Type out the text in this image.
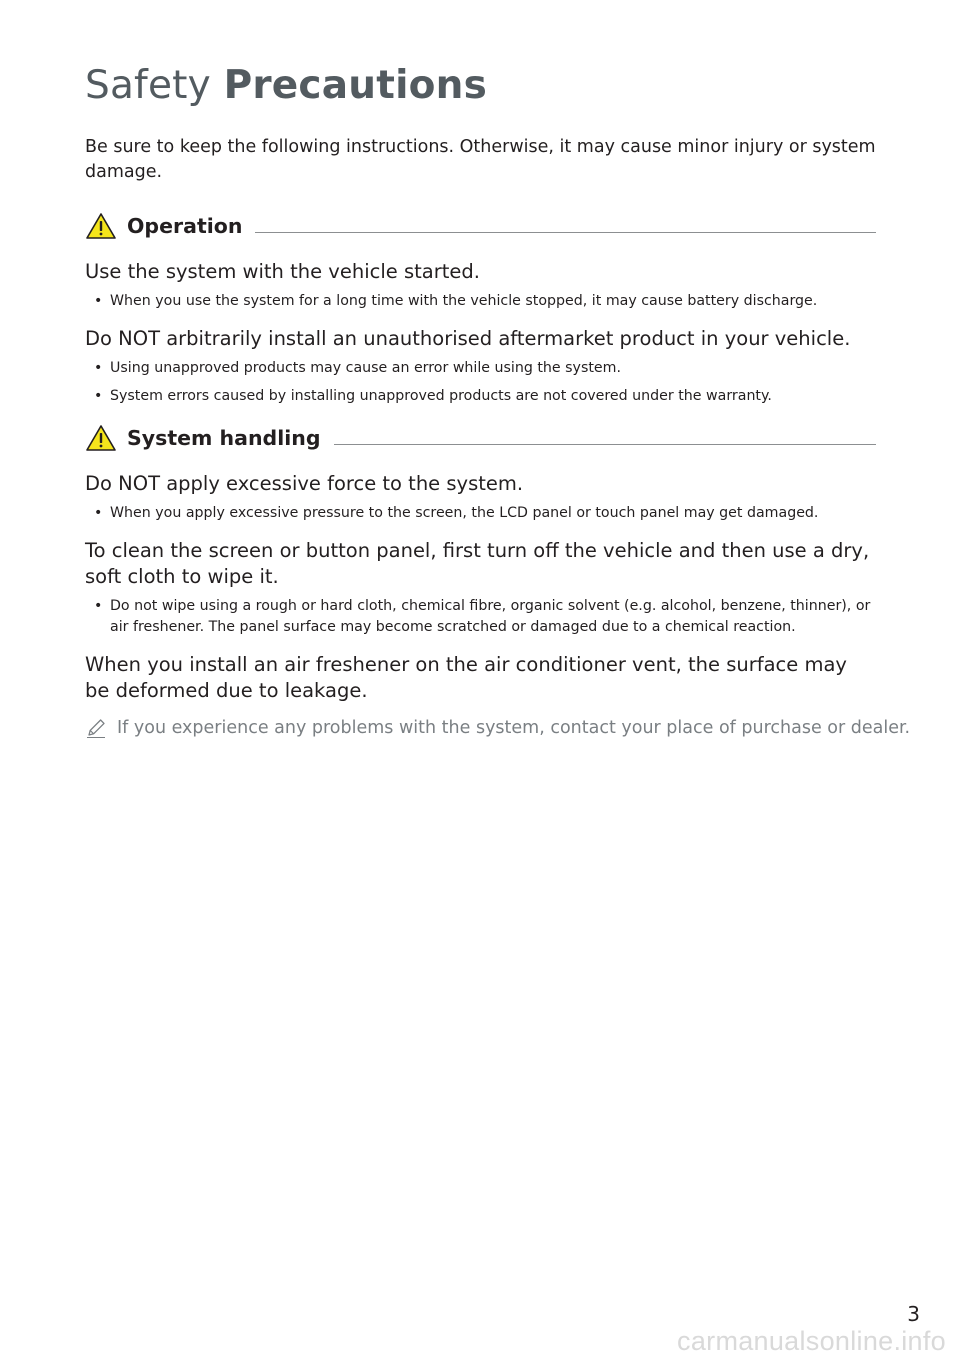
Safety Precautions

Be sure to keep the following instructions. Otherwise, it may cause minor injury or system damage.

Operation

Use the system with the vehicle started.

• When you use the system for a long time with the vehicle stopped, it may cause battery discharge.

Do NOT arbitrarily install an unauthorised aftermarket product in your vehicle.

• Using unapproved products may cause an error while using the system.
• System errors caused by installing unapproved products are not covered under the warranty.
System handling

Do NOT apply excessive force to the system.

• When you apply excessive pressure to the screen, the LCD panel or touch panel may get damaged.

To clean the screen or button panel, first turn off the vehicle and then use a dry, soft cloth to wipe it.

• Do not wipe using a rough or hard cloth, chemical fibre, organic solvent (e.g. alcohol, benzene, thinner), or air freshener. The panel surface may become scratched or damaged due to a chemical reaction.

When you install an air freshener on the air conditioner vent, the surface may be deformed due to leakage.

If you experience any problems with the system, contact your place of purchase or dealer.
3
carmanualsonline.info
